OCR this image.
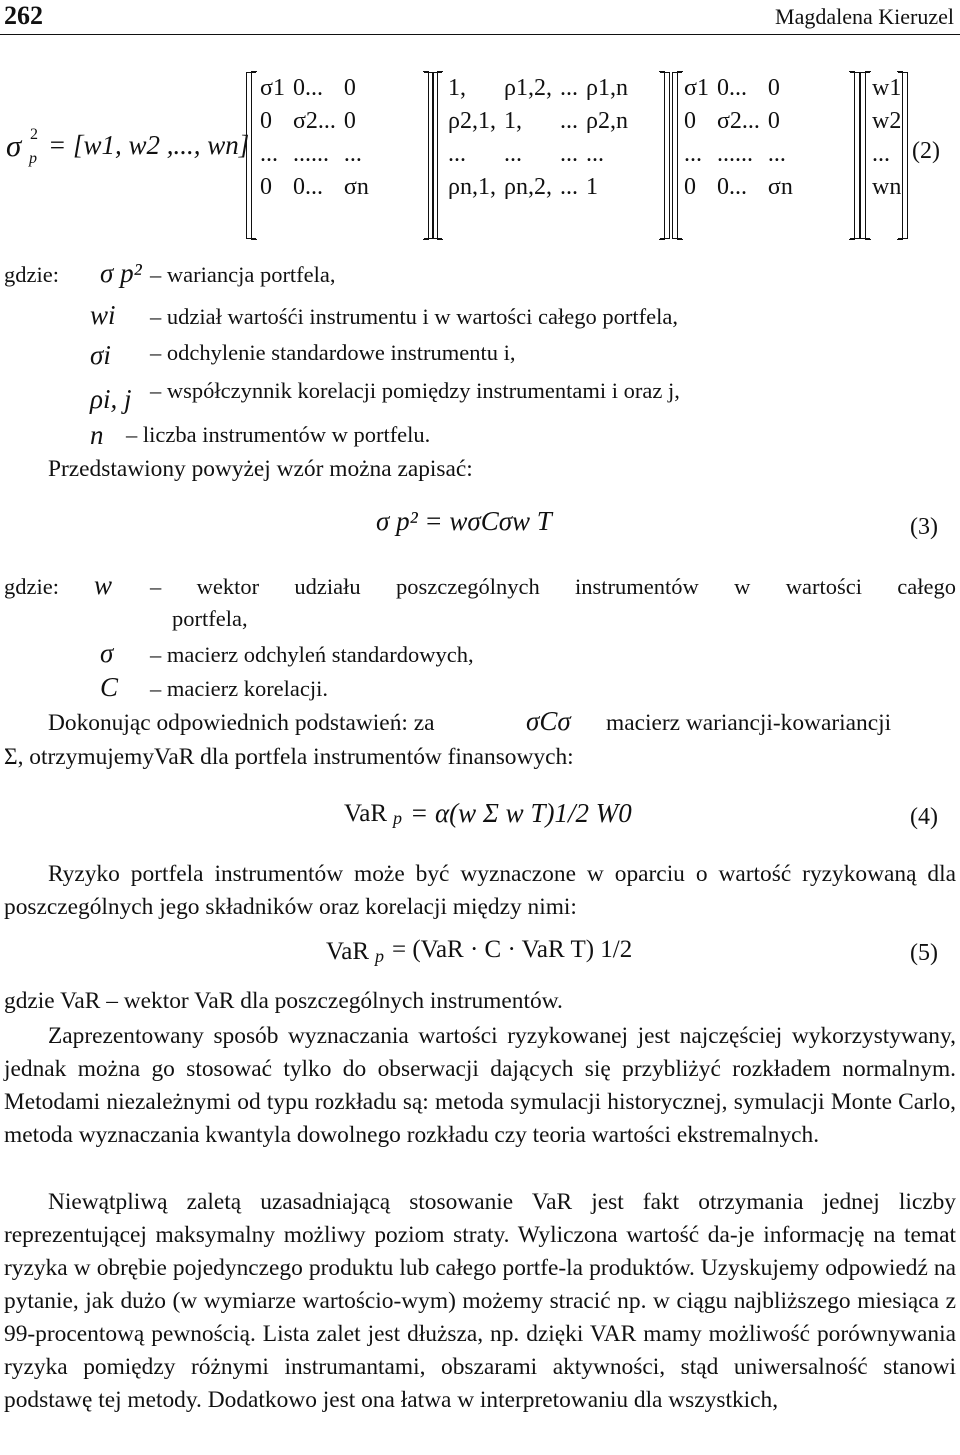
262	Magdalena Kieruzel
σ 2
p = [w1, w2 ,..., wn]
σ1	0...	0
0	σ2...	0
...	......	...
0	0...	σn
1,	ρ1,2,	...	ρ1,n
ρ2,1,	1,	...	ρ2,n
...	...	...	...
ρn,1,	ρn,2,	...	1
σ1	0...	0
0	σ2...	0
...	......	...
0	0...	σn
w1
w2
...
wn
(2)
gdzie: σ p² – wariancja portfela,
wi – udział wartośći instrumentu i w wartości całego portfela,
σi – odchylenie standardowe instrumentu i,
ρi, j – współczynnik korelacji pomiędzy instrumentami i oraz j,
n – liczba instrumentów w portfelu.
Przedstawiony powyżej wzór można zapisać:
σ p² = wσCσw T	(3)
gdzie: w – wektor udziału poszczególnych instrumentów w wartości całego
portfela,
σ – macierz odchyleń standardowych,
C – macierz korelacji.
Dokonując odpowiednich podstawień: za	σCσ macierz wariancji-kowariancji
Σ, otrzymujemyVaR dla portfela instrumentów finansowych:
VaR p = α(w Σ w T)1/2 W0	(4)
Ryzyko portfela instrumentów może być wyznaczone w oparciu o wartość ryzykowaną dla poszczególnych jego składników oraz korelacji między nimi:
VaR p = (VaR · C · VaR T) 1/2	(5)
gdzie VaR – wektor VaR dla poszczególnych instrumentów.
Zaprezentowany sposób wyznaczania wartości ryzykowanej jest najczęściej wykorzystywany, jednak można go stosować tylko do obserwacji dających się przybliżyć rozkładem normalnym. Metodami niezależnymi od typu rozkładu są: metoda symulacji historycznej, symulacji Monte Carlo, metoda wyznaczania kwantyla dowolnego rozkładu czy teoria wartości ekstremalnych.
Niewątpliwą zaletą uzasadniającą stosowanie VaR jest fakt otrzymania jednej liczby reprezentującej maksymalny możliwy poziom straty. Wyliczona wartość da-je informację na temat ryzyka w obrębie pojedynczego produktu lub całego portfe-la produktów. Uzyskujemy odpowiedź na pytanie, jak dużo (w wymiarze wartościo-wym) możemy stracić np. w ciągu najbliższego miesiąca z 99-procentową pewnością. Lista zalet jest dłuższa, np. dzięki VAR mamy możliwość porównywania ryzyka pomiędzy różnymi instrumantami, obszarami aktywności, stąd uniwersalność stanowi podstawę tej metody. Dodatkowo jest ona łatwa w interpretowaniu dla wszystkich,
